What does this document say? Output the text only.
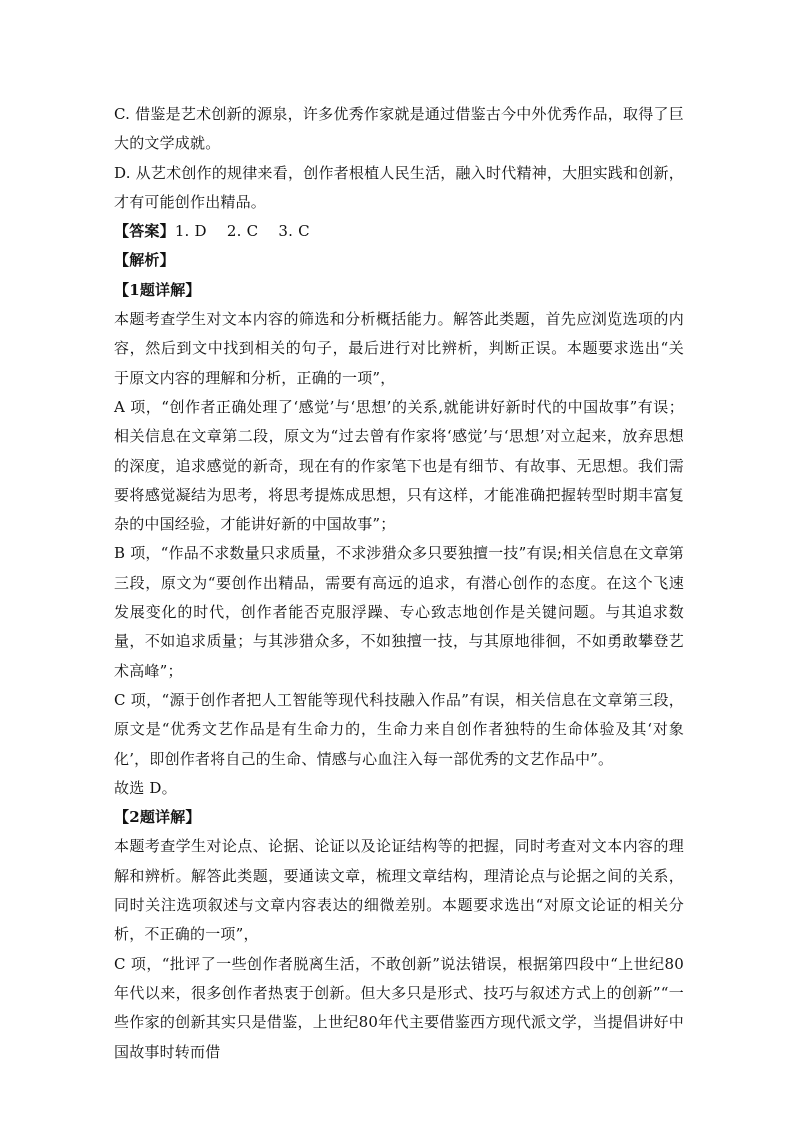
C. 借鉴是艺术创新的源泉，许多优秀作家就是通过借鉴古今中外优秀作品，取得了巨大的文学成就。

D. 从艺术创作的规律来看，创作者根植人民生活，融入时代精神，大胆实践和创新，才有可能创作出精品。

【答案】1. D　 2. C　 3. C

【解析】

【1题详解】

本题考查学生对文本内容的筛选和分析概括能力。解答此类题，首先应浏览选项的内容，然后到文中找到相关的句子，最后进行对比辨析，判断正误。本题要求选出“关于原文内容的理解和分析，正确的一项”，

A 项，“创作者正确处理了‘感觉’与‘思想’的关系,就能讲好新时代的中国故事”有误；相关信息在文章第二段，原文为“过去曾有作家将‘感觉’与‘思想’对立起来，放弃思想的深度，追求感觉的新奇，现在有的作家笔下也是有细节、有故事、无思想。我们需要将感觉凝结为思考，将思考提炼成思想，只有这样，才能准确把握转型时期丰富复杂的中国经验，才能讲好新的中国故事”；

B 项，“作品不求数量只求质量，不求涉猎众多只要独擅一技”有误;相关信息在文章第三段，原文为“要创作出精品，需要有高远的追求，有潜心创作的态度。在这个飞速发展变化的时代，创作者能否克服浮躁、专心致志地创作是关键问题。与其追求数量，不如追求质量；与其涉猎众多，不如独擅一技，与其原地徘徊，不如勇敢攀登艺术高峰”；

C 项，“源于创作者把人工智能等现代科技融入作品”有误，相关信息在文章第三段，原文是“优秀文艺作品是有生命力的，生命力来自创作者独特的生命体验及其‘对象化’，即创作者将自己的生命、情感与心血注入每一部优秀的文艺作品中”。

故选 D。

【2题详解】

本题考查学生对论点、论据、论证以及论证结构等的把握，同时考查对文本内容的理解和辨析。解答此类题，要通读文章，梳理文章结构，理清论点与论据之间的关系，同时关注选项叙述与文章内容表达的细微差别。本题要求选出“对原文论证的相关分析，不正确的一项”，

C 项，“批评了一些创作者脱离生活，不敢创新”说法错误，根据第四段中“上世纪80年代以来，很多创作者热衷于创新。但大多只是形式、技巧与叙述方式上的创新”“一些作家的创新其实只是借鉴，上世纪80年代主要借鉴西方现代派文学，当提倡讲好中国故事时转而借
